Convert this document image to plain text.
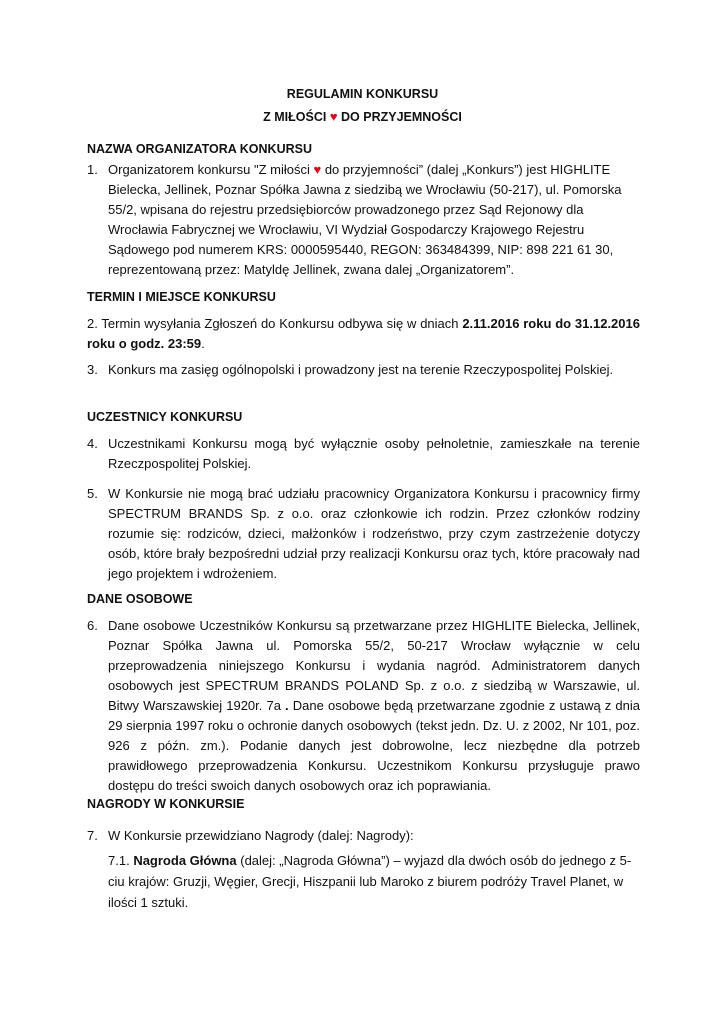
REGULAMIN KONKURSU
Z MIŁOŚCI ♥ DO PRZYJEMNOŚCI
NAZWA ORGANIZATORA KONKURSU
1. Organizatorem konkursu "Z miłości ♥ do przyjemności” (dalej „Konkurs”) jest HIGHLITE Bielecka, Jellinek, Poznar Spółka Jawna z siedzibą we Wrocławiu (50-217), ul. Pomorska 55/2, wpisana do rejestru przedsiębiorców prowadzonego przez Sąd Rejonowy dla Wrocławia Fabrycznej we Wrocławiu, VI Wydział Gospodarczy Krajowego Rejestru Sądowego pod numerem KRS: 0000595440, REGON: 363484399, NIP: 898 221 61 30, reprezentowaną przez: Matyldę Jellinek, zwana dalej „Organizatorem”.
TERMIN I MIEJSCE KONKURSU
2. Termin wysyłania Zgłoszeń do Konkursu odbywa się w dniach 2.11.2016 roku do 31.12.2016 roku o godz. 23:59.
3. Konkurs ma zasięg ogólnopolski i prowadzony jest na terenie Rzeczypospolitej Polskiej.
UCZESTNICY KONKURSU
4. Uczestnikami Konkursu mogą być wyłącznie osoby pełnoletnie, zamieszkałe na terenie Rzeczpospolitej Polskiej.
5. W Konkursie nie mogą brać udziału pracownicy Organizatora Konkursu i pracownicy firmy SPECTRUM BRANDS Sp. z o.o. oraz członkowie ich rodzin. Przez członków rodziny rozumie się: rodziców, dzieci, małżonków i rodzeństwo, przy czym zastrzeżenie dotyczy osób, które brały bezpośredni udział przy realizacji Konkursu oraz tych, które pracowały nad jego projektem i wdrożeniem.
DANE OSOBOWE
6. Dane osobowe Uczestników Konkursu są przetwarzane przez HIGHLITE Bielecka, Jellinek, Poznar Spółka Jawna ul. Pomorska 55/2, 50-217 Wrocław wyłącznie w celu przeprowadzenia niniejszego Konkursu i wydania nagród. Administratorem danych osobowych jest SPECTRUM BRANDS POLAND Sp. z o.o. z siedzibą w Warszawie, ul. Bitwy Warszawskiej 1920r. 7a . Dane osobowe będą przetwarzane zgodnie z ustawą z dnia 29 sierpnia 1997 roku o ochronie danych osobowych (tekst jedn. Dz. U. z 2002, Nr 101, poz. 926 z późn. zm.). Podanie danych jest dobrowolne, lecz niezbędne dla potrzeb prawidłowego przeprowadzenia Konkursu. Uczestnikom Konkursu przysługuje prawo dostępu do treści swoich danych osobowych oraz ich poprawiania.
NAGRODY W KONKURSIE
7. W Konkursie przewidziano Nagrody (dalej: Nagrody):
7.1. Nagroda Główna (dalej: „Nagroda Główna”) – wyjazd dla dwóch osób do jednego z 5-ciu krajów: Gruzji, Węgier, Grecji, Hiszpanii lub Maroko z biurem podróży Travel Planet, w ilości 1 sztuki.
